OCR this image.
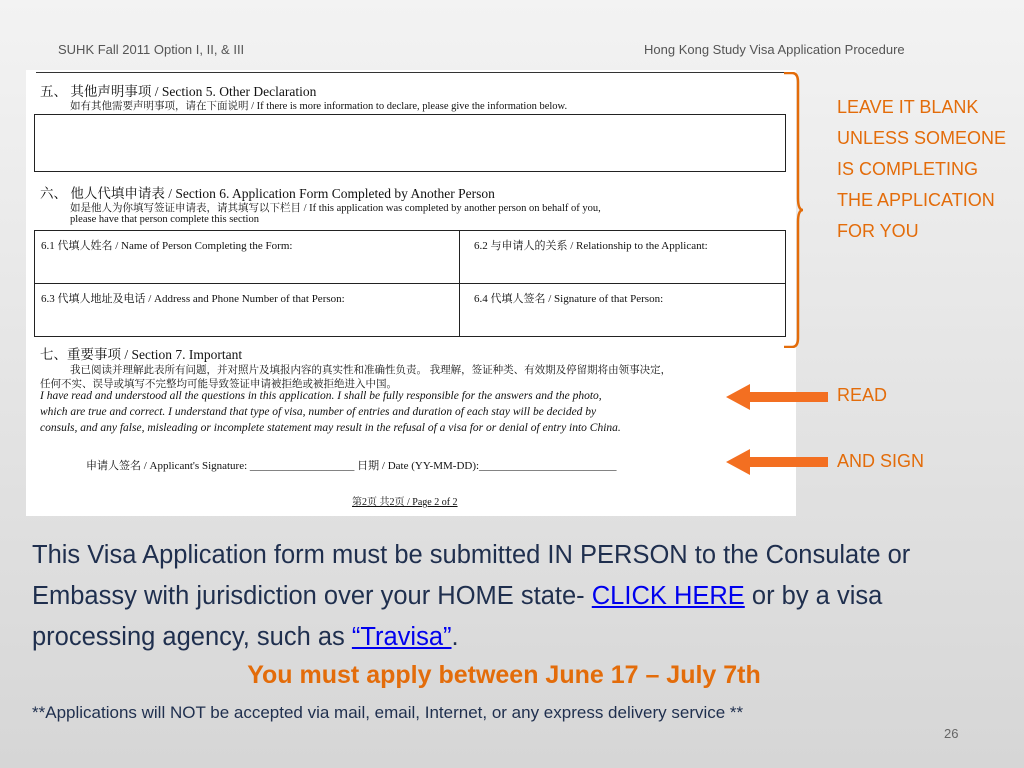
SUHK Fall 2011 Option I, II, & III	Hong Kong Study Visa Application Procedure
五、 其他声明事项 / Section 5. Other Declaration
如有其他需要声明事项，请在下面说明 / If there is more information to declare, please give the information below.
六、 他人代填申请表 / Section 6. Application Form Completed by Another Person
如是他人为你填写签证申请表，请其填写以下栏目 / If this application was completed by another person on behalf of you,
please have that person complete this section
6.1 代填人姓名 / Name of Person Completing the Form:	6.2 与申请人的关系 / Relationship to the Applicant:
6.3 代填人地址及电话 / Address and Phone Number of that Person:	6.4 代填人签名 / Signature of that Person:
七、重要事项 / Section 7. Important
我已阅读并理解此表所有问题，并对照片及填报内容的真实性和准确性负责。 我理解，签证种类、有效期及停留期将由领事决定，
任何不实、误导或填写不完整均可能导致签证申请被拒绝或被拒绝进入中国。
I have read and understood all the questions in this application. I shall be fully responsible for the answers and the photo,
which are true and correct. I understand that type of visa, number of entries and duration of each stay will be decided by
consuls, and any false, misleading or incomplete statement may result in the refusal of a visa for or denial of entry into China.
申请人签名 / Applicant's Signature: ___________________ 日期 / Date (YY-MM-DD):_________________________
第2页 共2页 / Page 2 of 2
LEAVE IT BLANK UNLESS SOMEONE IS COMPLETING THE APPLICATION FOR YOU
READ
AND SIGN
This Visa Application form must be submitted IN PERSON to the Consulate or Embassy with jurisdiction over your HOME state- CLICK HERE or by a visa processing agency, such as “Travisa”.
You must apply between June 17 – July 7th
**Applications will NOT be accepted via mail, email, Internet, or any express delivery service **
26
